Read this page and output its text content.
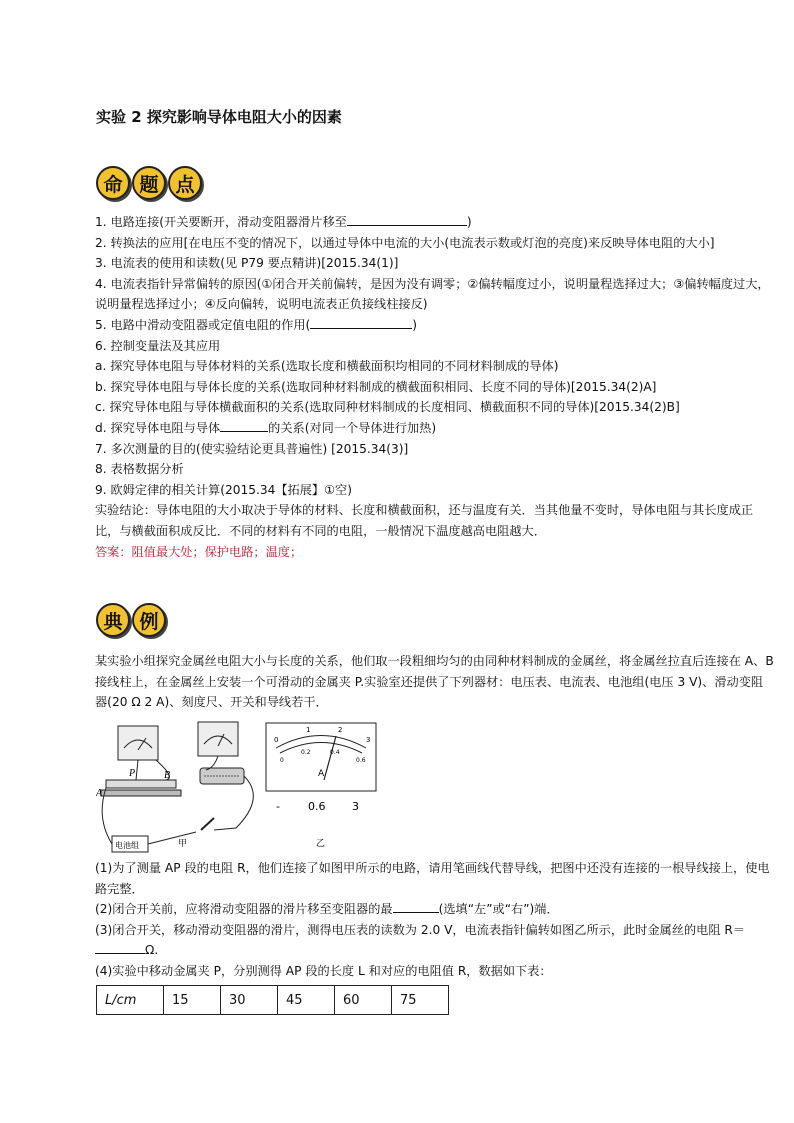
实验 2 探究影响导体电阻大小的因素
命 题 点
1. 电路连接(开关要断开，滑动变阻器滑片移至	)
2. 转换法的应用[在电压不变的情况下，以通过导体中电流的大小(电流表示数或灯泡的亮度)来反映导体电阻的大小]
3. 电流表的使用和读数(见 P79 要点精讲)[2015.34(1)]
4. 电流表指针异常偏转的原因(①闭合开关前偏转，是因为没有调零；②偏转幅度过小，说明量程选择过大；③偏转幅度过大，说明量程选择过小；④反向偏转，说明电流表正负接线柱接反)
5. 电路中滑动变阻器或定值电阻的作用(	)
6. 控制变量法及其应用
a. 探究导体电阻与导体材料的关系(选取长度和横截面积均相同的不同材料制成的导体)
b. 探究导体电阻与导体长度的关系(选取同种材料制成的横截面积相同、长度不同的导体)[2015.34(2)A]
c. 探究导体电阻与导体横截面积的关系(选取同种材料制成的长度相同、横截面积不同的导体)[2015.34(2)B]
d. 探究导体电阻与导体	的关系(对同一个导体进行加热)
7. 多次测量的目的(使实验结论更具普遍性) [2015.34(3)]
8. 表格数据分析
9. 欧姆定律的相关计算(2015.34【拓展】①空)
实验结论：导体电阻的大小取决于导体的材料、长度和横截面积，还与温度有关．当其他量不变时，导体电阻与其长度成正比，与横截面积成反比．不同的材料有不同的电阻，一般情况下温度越高电阻越大．
答案：阻值最大处；保护电路；温度；
典 例
某实验小组探究金属丝电阻大小与长度的关系，他们取一段粗细均匀的由同种材料制成的金属丝，将金属丝拉直后连接在 A、B 接线柱上，在金属丝上安装一个可滑动的金属夹 P.实验室还提供了下列器材：电压表、电流表、电池组(电压 3 V)、滑动变阻器(20 Ω 2 A)、刻度尺、开关和导线若干．
A
B
P
电池组
0
1	2
3
0
0.2	0.4
0.6
A
-	0.6 3
甲	乙
(1)为了测量 AP 段的电阻 R，他们连接了如图甲所示的电路，请用笔画线代替导线，把图中还没有连接的一根导线接上，使电路完整．
(2)闭合开关前，应将滑动变阻器的滑片移至变阻器的最	(选填“左”或“右”)端．
(3)闭合开关，移动滑动变阻器的滑片，测得电压表的读数为 2.0 V，电流表指针偏转如图乙所示，此时金属丝的电阻 R＝Ω.
(4)实验中移动金属夹 P，分别测得 AP 段的长度 L 和对应的电阻值 R，数据如下表：
L/cm	15	30	45	60	75
